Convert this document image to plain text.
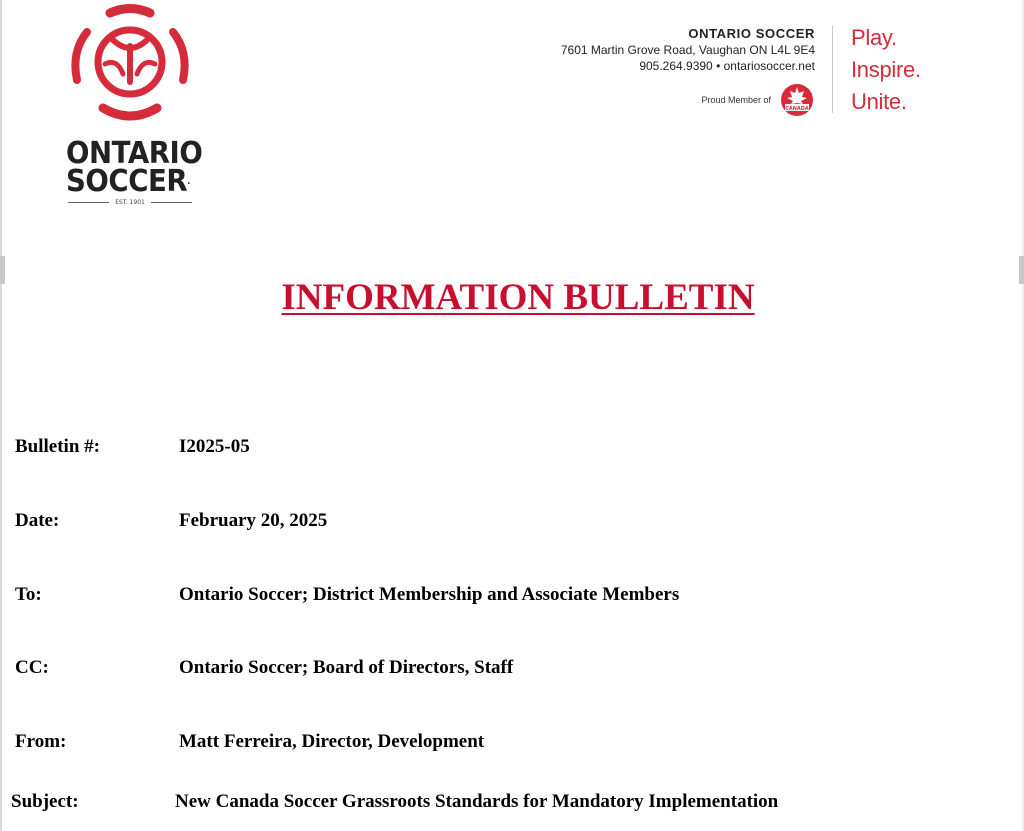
ONTARIO
SOCCER.
EST. 1901
ONTARIO SOCCER
7601 Martin Grove Road, Vaughan ON L4L 9E4
905.264.9390 • ontariosoccer.net
Proud Member of
CANADA
Play.
Inspire.
Unite.
INFORMATION BULLETIN
Bulletin #:	I2025-05
Date:	February 20, 2025
To:	Ontario Soccer; District Membership and Associate Members
CC:	Ontario Soccer; Board of Directors, Staff
From:	Matt Ferreira, Director, Development
Subject:	New Canada Soccer Grassroots Standards for Mandatory Implementation
